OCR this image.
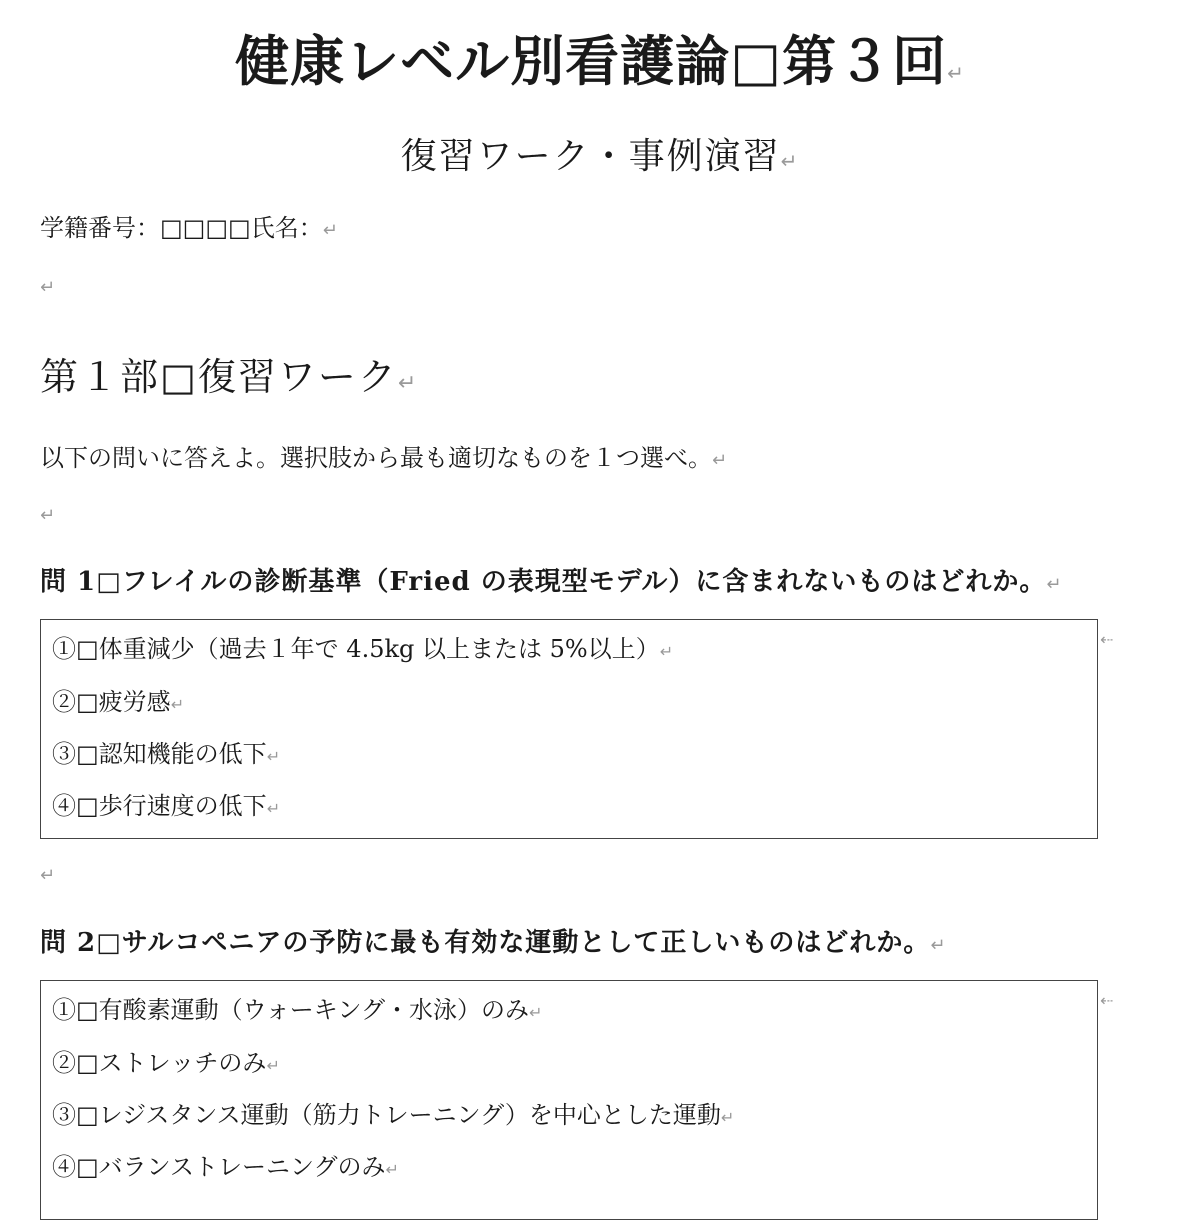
健康レベル別看護論□第３回↵
復習ワーク・事例演習↵
学籍番号：□□□□氏名：↵
↵
第１部□復習ワーク↵
以下の問いに答えよ。選択肢から最も適切なものを１つ選べ。↵
↵
問 1□フレイルの診断基準（Fried の表現型モデル）に含まれないものはどれか。↵
①□体重減少（過去１年で 4.5kg 以上または 5%以上）↵
②□疲労感↵
③□認知機能の低下↵
④□歩行速度の低下↵
⇠
↵
問 2□サルコペニアの予防に最も有効な運動として正しいものはどれか。↵
①□有酸素運動（ウォーキング・水泳）のみ↵
②□ストレッチのみ↵
③□レジスタンス運動（筋力トレーニング）を中心とした運動↵
④□バランストレーニングのみ↵
⇠
